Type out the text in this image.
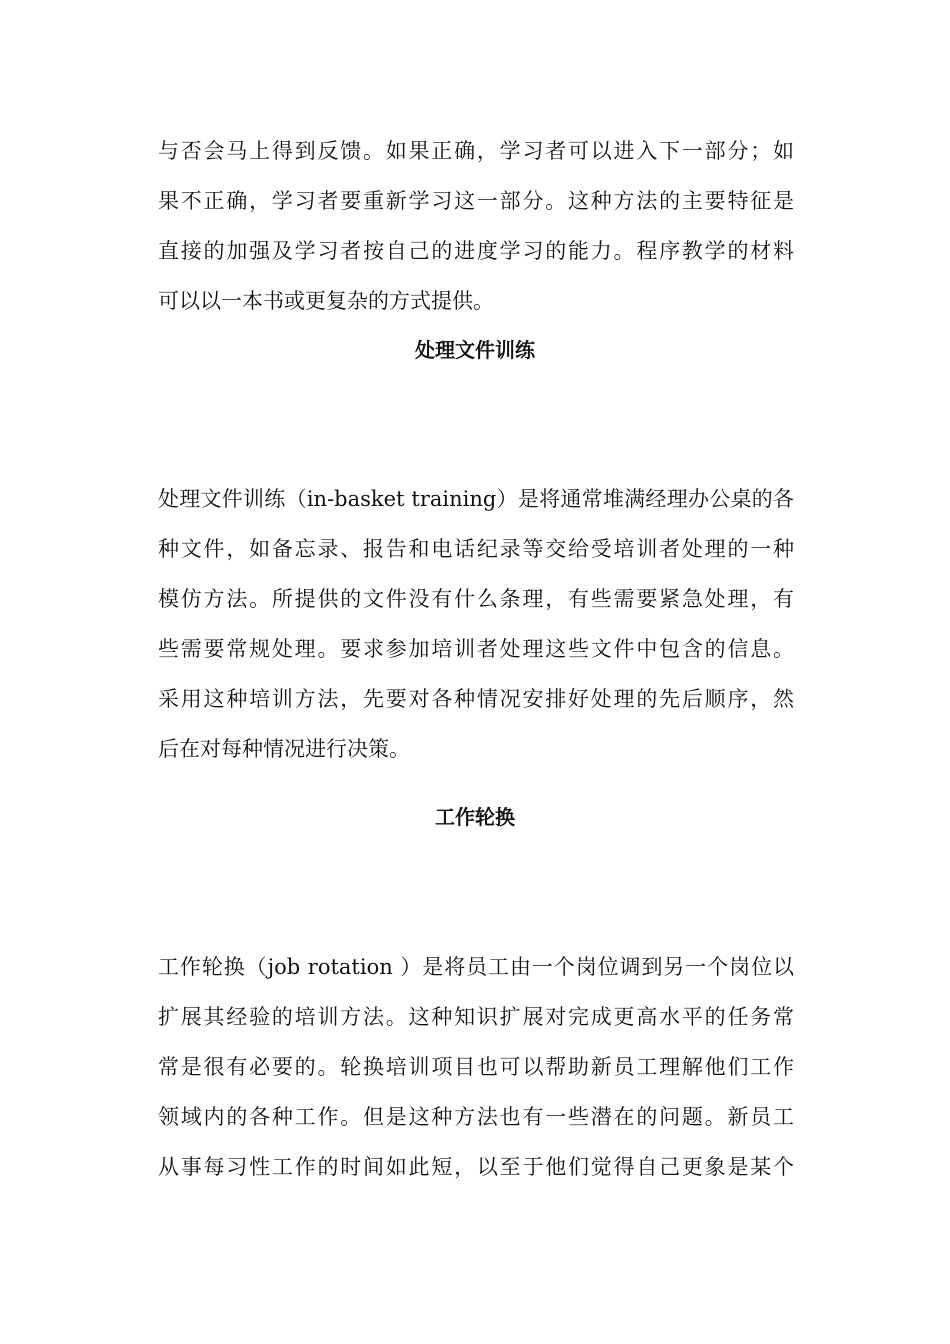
与否会马上得到反馈。如果正确，学习者可以进入下一部分；如
果不正确，学习者要重新学习这一部分。这种方法的主要特征是
直接的加强及学习者按自己的进度学习的能力。程序教学的材料
可以以一本书或更复杂的方式提供。
处理文件训练
处理文件训练（in-basket training）是将通常堆满经理办公桌的各
种文件，如备忘录、报告和电话纪录等交给受培训者处理的一种
模仿方法。所提供的文件没有什么条理，有些需要紧急处理，有
些需要常规处理。要求参加培训者处理这些文件中包含的信息。
采用这种培训方法，先要对各种情况安排好处理的先后顺序，然
后在对每种情况进行决策。
工作轮换
工作轮换（job rotation ）是将员工由一个岗位调到另一个岗位以
扩展其经验的培训方法。这种知识扩展对完成更高水平的任务常
常是很有必要的。轮换培训项目也可以帮助新员工理解他们工作
领域内的各种工作。但是这种方法也有一些潜在的问题。新员工
从事每习性工作的时间如此短，以至于他们觉得自己更象是某个
